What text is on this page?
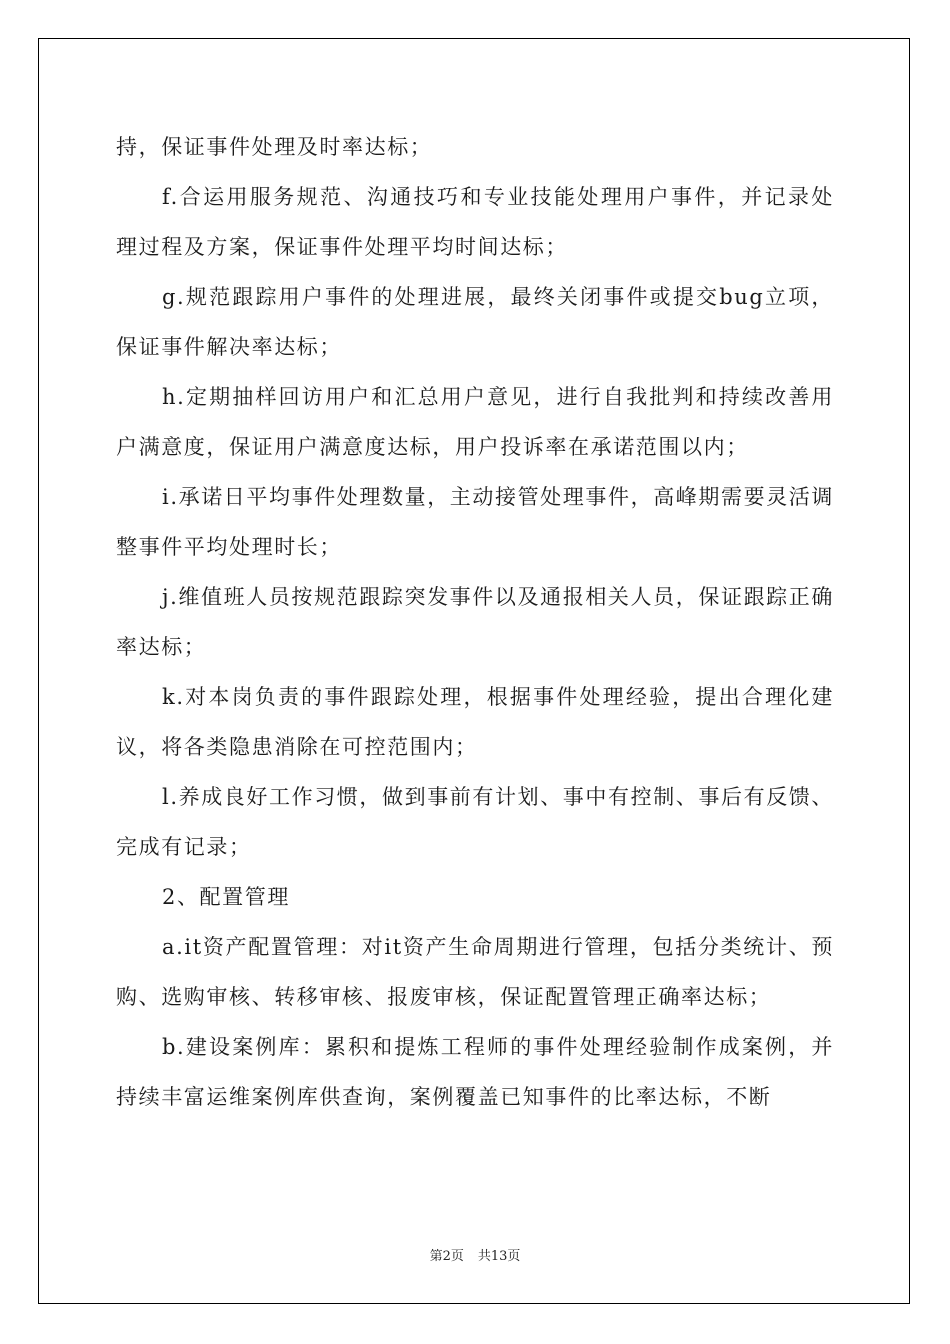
持，保证事件处理及时率达标；

f.合运用服务规范、沟通技巧和专业技能处理用户事件，并记录处理过程及方案，保证事件处理平均时间达标；

g.规范跟踪用户事件的处理进展，最终关闭事件或提交bug立项，保证事件解决率达标；

h.定期抽样回访用户和汇总用户意见，进行自我批判和持续改善用户满意度，保证用户满意度达标，用户投诉率在承诺范围以内；

i.承诺日平均事件处理数量，主动接管处理事件，高峰期需要灵活调整事件平均处理时长；

j.维值班人员按规范跟踪突发事件以及通报相关人员，保证跟踪正确率达标；

k.对本岗负责的事件跟踪处理，根据事件处理经验，提出合理化建议，将各类隐患消除在可控范围内；

l.养成良好工作习惯，做到事前有计划、事中有控制、事后有反馈、完成有记录；

2、配置管理

a.it资产配置管理：对it资产生命周期进行管理，包括分类统计、预购、选购审核、转移审核、报废审核，保证配置管理正确率达标；

b.建设案例库：累积和提炼工程师的事件处理经验制作成案例，并持续丰富运维案例库供查询，案例覆盖已知事件的比率达标，不断

第2页 共13页
